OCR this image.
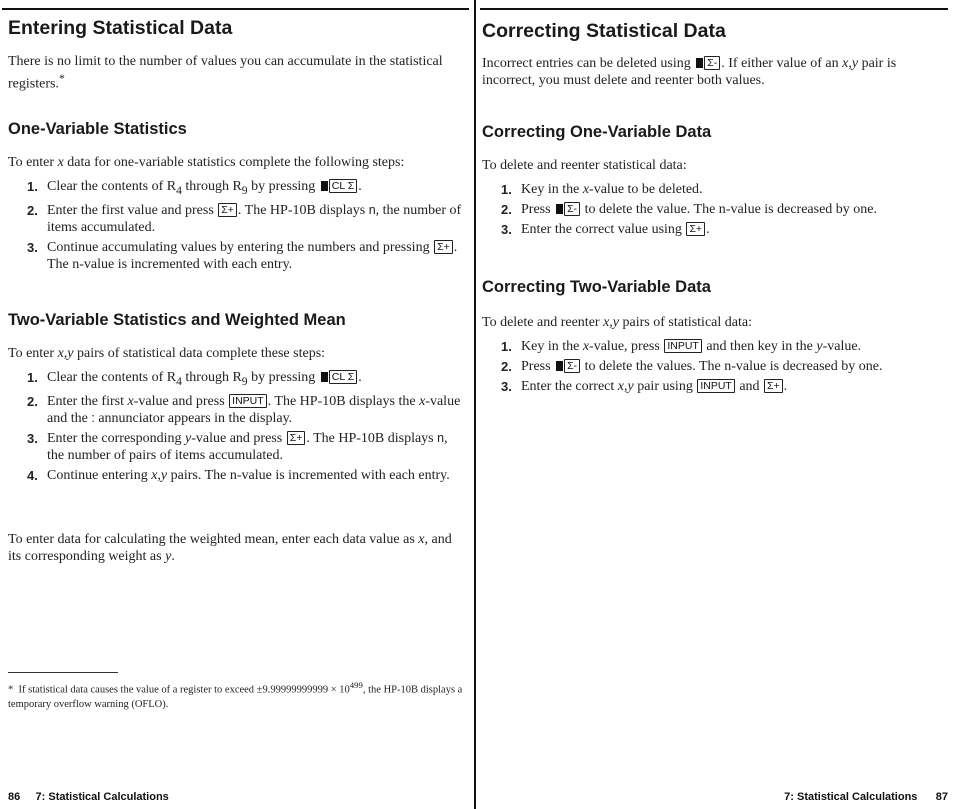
Entering Statistical Data

There is no limit to the number of values you can accumulate in the statistical registers.*

One-Variable Statistics

To enter x data for one-variable statistics complete the following steps:

1. Clear the contents of $R_4$ through $R_9$ by pressing CL Σ .
2. Enter the first value and press Σ+ . The HP-10B displays n, the number of items accumulated.
3. Continue accumulating values by entering the numbers and pressing Σ+ . The n-value is incremented with each entry.
Two-Variable Statistics and Weighted Mean

To enter x,y pairs of statistical data complete these steps:

1. Clear the contents of $R_4$ through $R_9$ by pressing CL Σ .
2. Enter the first x-value and press INPUT . The HP-10B displays the x-value and the : annunciator appears in the display.
3. Enter the corresponding y-value and press Σ+ . The HP-10B displays n, the number of pairs of items accumulated.
4. Continue entering x,y pairs. The n-value is incremented with each entry.

To enter data for calculating the weighted mean, enter each data value as x, and its corresponding weight as y.

* If statistical data causes the value of a register to exceed $\pm 9.99999999999 \times 10^{499}$, the HP-10B displays a temporary overflow warning (OFLO).

86 7: Statistical Calculations
Correcting Statistical Data

Incorrect entries can be deleted using Σ- . If either value of an x,y pair is incorrect, you must delete and reenter both values.

Correcting One-Variable Data

To delete and reenter statistical data:

1. Key in the x-value to be deleted.
2. Press Σ- to delete the value. The n-value is decreased by one.
3. Enter the correct value using Σ+ .
Correcting Two-Variable Data

To delete and reenter x,y pairs of statistical data:

1. Key in the x-value, press INPUT and then key in the y-value.
2. Press Σ- to delete the values. The n-value is decreased by one.
3. Enter the correct x,y pair using INPUT and Σ+ .
7: Statistical Calculations 87
